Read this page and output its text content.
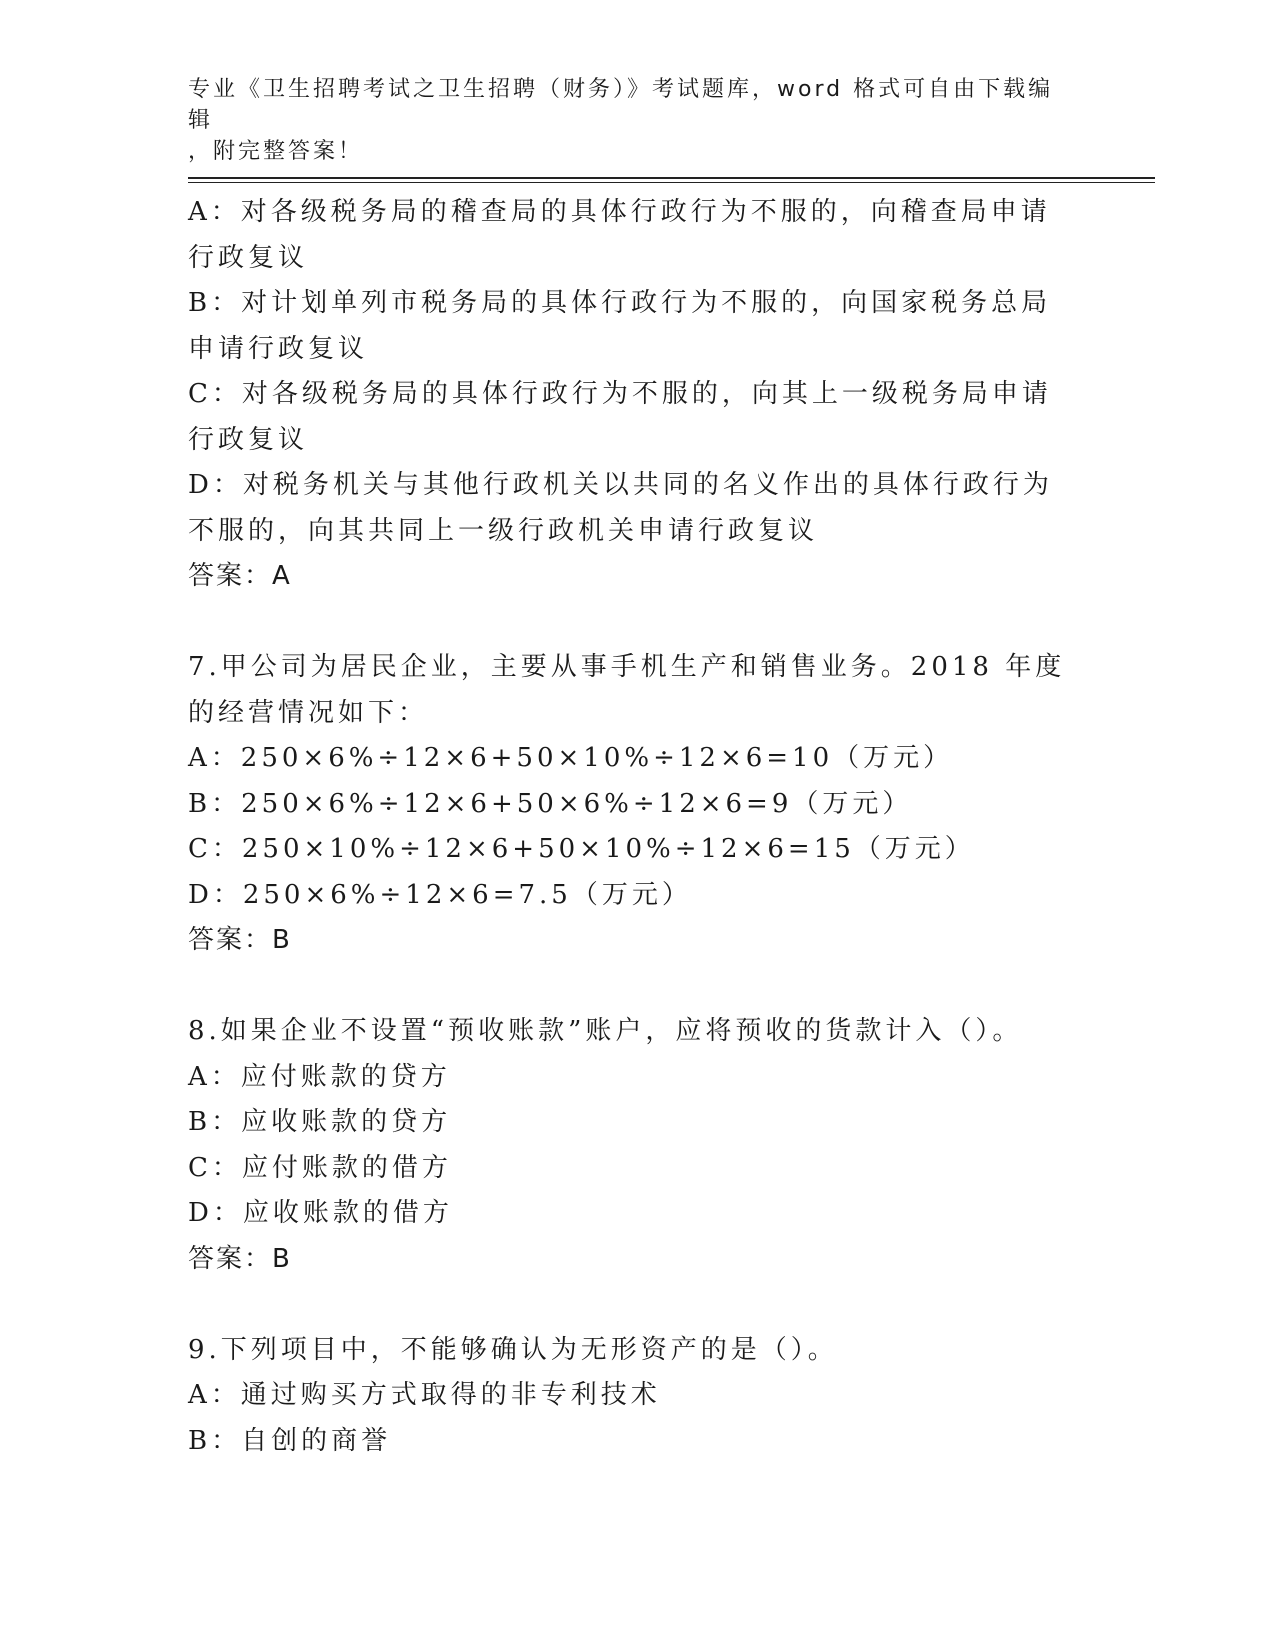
专业《卫生招聘考试之卫生招聘（财务）》考试题库，word 格式可自由下载编辑
，附完整答案！

A：对各级税务局的稽查局的具体行政行为不服的，向稽查局申请行政复议

B：对计划单列市税务局的具体行政行为不服的，向国家税务总局申请行政复议

C：对各级税务局的具体行政行为不服的，向其上一级税务局申请行政复议

D：对税务机关与其他行政机关以共同的名义作出的具体行政行为不服的，向其共同上一级行政机关申请行政复议

答案：A

7.甲公司为居民企业，主要从事手机生产和销售业务。2018 年度的经营情况如下：

A：250×6%÷12×6+50×10%÷12×6=10（万元）

B：250×6%÷12×6+50×6%÷12×6=9（万元）

C：250×10%÷12×6+50×10%÷12×6=15（万元）

D：250×6%÷12×6=7.5（万元）

答案：B

8.如果企业不设置“预收账款”账户，应将预收的货款计入（）。

A：应付账款的贷方

B：应收账款的贷方

C：应付账款的借方

D：应收账款的借方

答案：B

9.下列项目中，不能够确认为无形资产的是（）。

A：通过购买方式取得的非专利技术

B：自创的商誉
